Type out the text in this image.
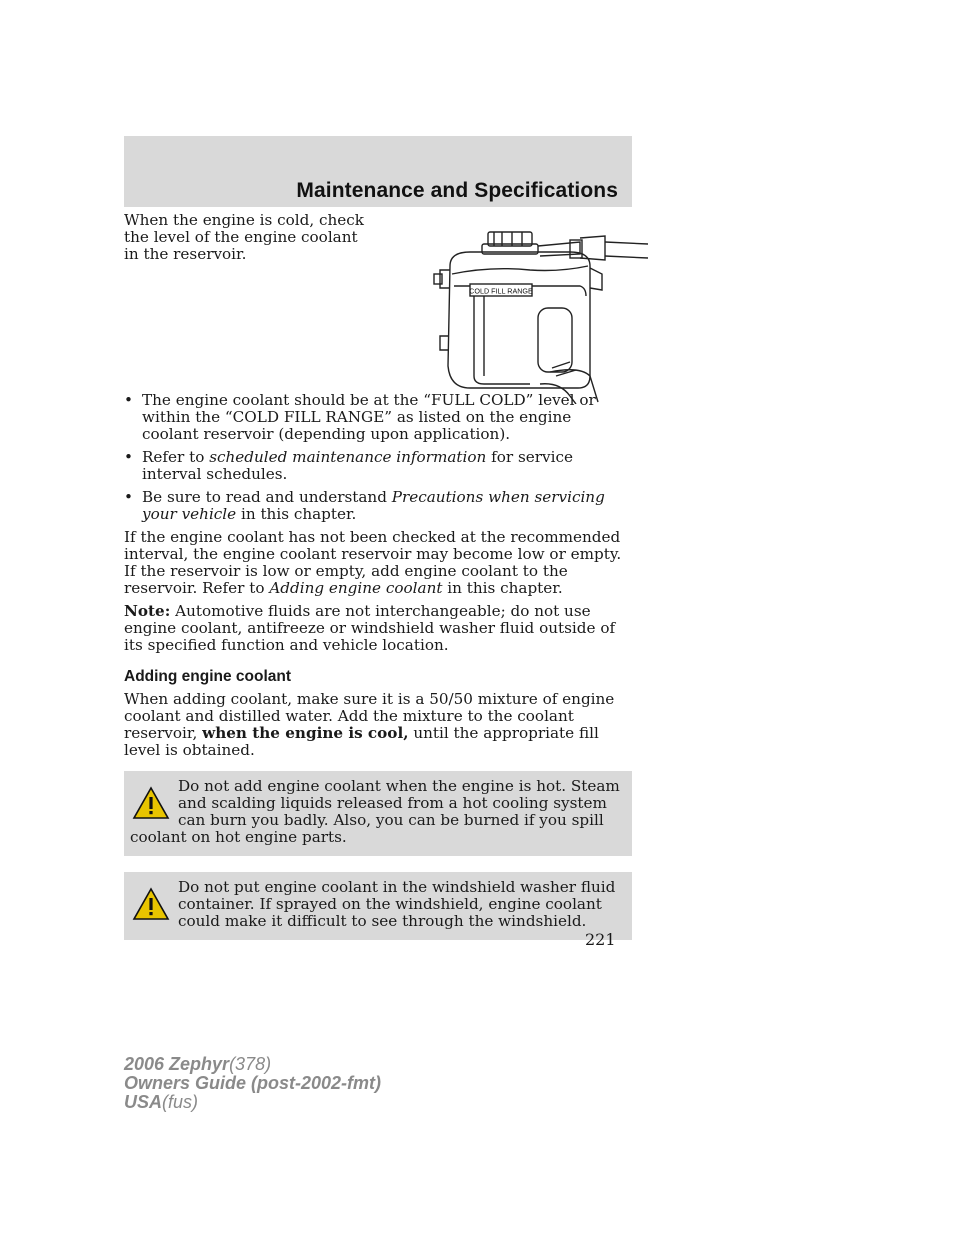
Maintenance and Specifications

When the engine is cold, check the level of the engine coolant in the reservoir.

COLD FILL RANGE
• The engine coolant should be at the “FULL COLD” level or within the “COLD FILL RANGE” as listed on the engine coolant reservoir (depending upon application).
• Refer to scheduled maintenance information for service interval schedules.
• Be sure to read and understand Precautions when servicing your vehicle in this chapter.

If the engine coolant has not been checked at the recommended interval, the engine coolant reservoir may become low or empty. If the reservoir is low or empty, add engine coolant to the reservoir. Refer to Adding engine coolant in this chapter.

Note: Automotive fluids are not interchangeable; do not use engine coolant, antifreeze or windshield washer fluid outside of its specified function and vehicle location.

Adding engine coolant

When adding coolant, make sure it is a 50/50 mixture of engine coolant and distilled water. Add the mixture to the coolant reservoir, when the engine is cool, until the appropriate fill level is obtained.

Do not add engine coolant when the engine is hot. Steam and scalding liquids released from a hot cooling system can burn you badly. Also, you can be burned if you spill coolant on hot engine parts.

Do not put engine coolant in the windshield washer fluid container. If sprayed on the windshield, engine coolant could make it difficult to see through the windshield.

221
2006 Zephyr(378)
Owners Guide (post-2002-fmt)
USA(fus)
